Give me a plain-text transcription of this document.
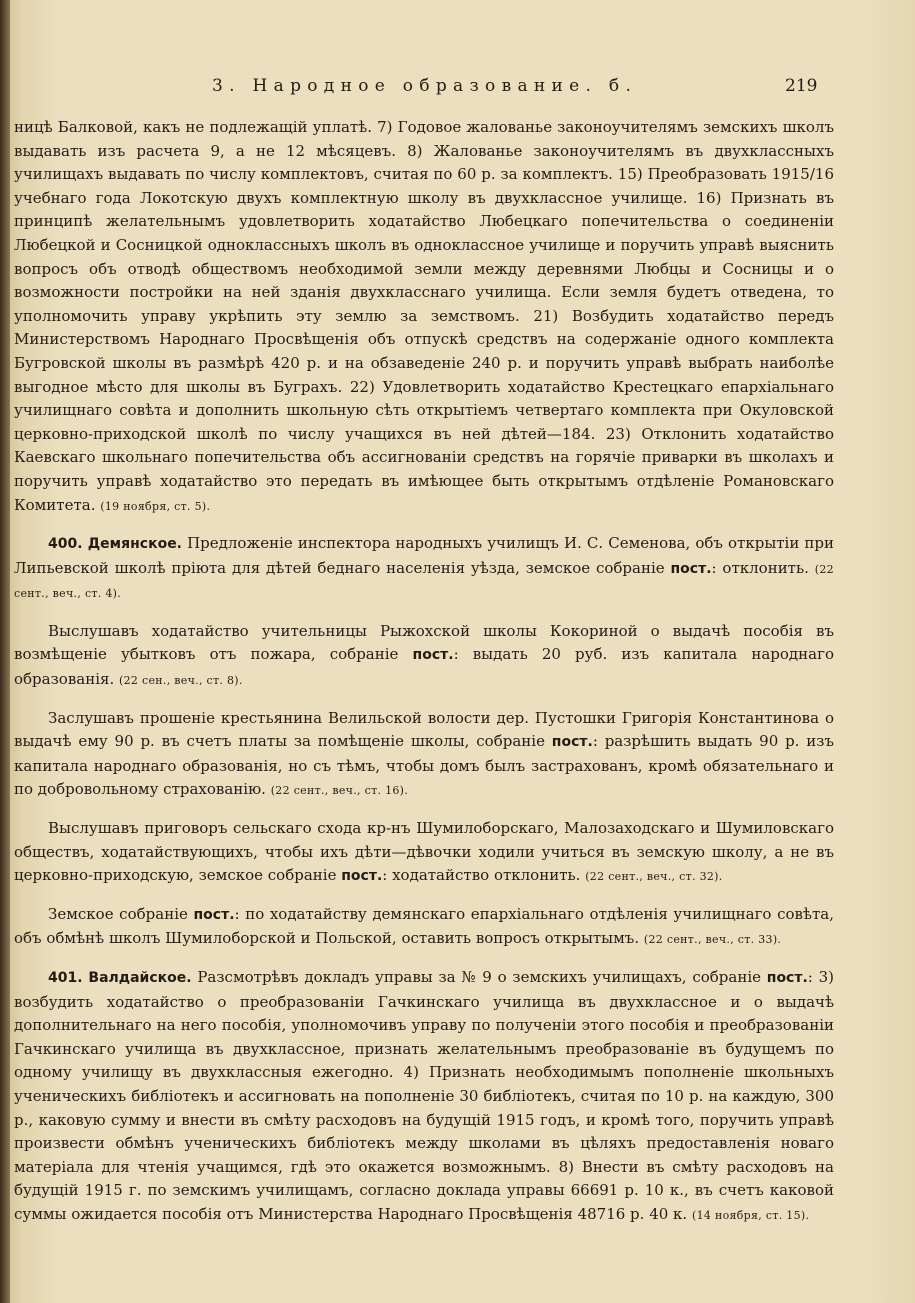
3. Народное образование. б.	219

ницѣ Балковой, какъ не подлежащій уплатѣ. 7) Годовое жалованье законоучителямъ земскихъ школъ выдавать изъ расчета 9, а не 12 мѣсяцевъ. 8) Жалованье законоучителямъ въ двухклассныхъ училищахъ выдавать по числу комплектовъ, считая по 60 р. за комплектъ. 15) Преобразовать 1915/16 учебнаго года Локотскую двухъ комплектную школу въ двухклассное училище. 16) Признать въ принципѣ желательнымъ удовлетворить ходатайство Любецкаго попечительства о соединеніи Любецкой и Сосницкой одноклассныхъ школъ въ одноклассное училище и поручить управѣ выяснить вопросъ объ отводѣ обществомъ необходимой земли между деревнями Любцы и Сосницы и о возможности постройки на ней зданія двухкласснаго училища. Если земля будетъ отведена, то уполномочить управу укрѣпить эту землю за земствомъ. 21) Возбудить ходатайство передъ Министерствомъ Народнаго Просвѣщенія объ отпускѣ средствъ на содержаніе одного комплекта Бугровской школы въ размѣрѣ 420 р. и на обзаведеніе 240 р. и поручить управѣ выбрать наиболѣе выгодное мѣсто для школы въ Буграхъ. 22) Удовлетворить ходатайство Крестецкаго епархіальнаго училищнаго совѣта и дополнить школьную сѣть открытіемъ четвертаго комплекта при Окуловской церковно-приходской школѣ по числу учащихся въ ней дѣтей—184. 23) Отклонить ходатайство Каевскаго школьнаго попечительства объ ассигнованіи средствъ на горячіе приварки въ школахъ и поручить управѣ ходатайство это передать въ имѣющее быть открытымъ отдѣленіе Романовскаго Комитета. (19 ноября, ст. 5).

400. Демянское. Предложеніе инспектора народныхъ училищъ И. С. Семенова, объ открытіи при Липьевской школѣ пріюта для дѣтей беднаго населенія уѣзда, земское собраніе пост.: отклонить. (22 сент., веч., ст. 4).

Выслушавъ ходатайство учительницы Рыжохской школы Кокориной о выдачѣ пособія въ возмѣщеніе убытковъ отъ пожара, собраніе пост.: выдать 20 руб. изъ капитала народнаго образованія. (22 сен., веч., ст. 8).

Заслушавъ прошеніе крестьянина Велильской волости дер. Пустошки Григорія Константинова о выдачѣ ему 90 р. въ счетъ платы за помѣщеніе школы, собраніе пост.: разрѣшить выдать 90 р. изъ капитала народнаго образованія, но съ тѣмъ, чтобы домъ былъ застрахованъ, кромѣ обязательнаго и по добровольному страхованію. (22 сент., веч., ст. 16).

Выслушавъ приговоръ сельскаго схода кр-нъ Шумилоборскаго, Малозаходскаго и Шумиловскаго обществъ, ходатайствующихъ, чтобы ихъ дѣти—дѣвочки ходили учиться въ земскую школу, а не въ церковно-приходскую, земское собраніе пост.: ходатайство отклонить. (22 сент., веч., ст. 32).

Земское собраніе пост.: по ходатайству демянскаго епархіальнаго отдѣленія училищнаго совѣта, объ обмѣнѣ школъ Шумилоборской и Польской, оставить вопросъ открытымъ. (22 сент., веч., ст. 33).

401. Валдайское. Разсмотрѣвъ докладъ управы за № 9 о земскихъ училищахъ, собраніе пост.: 3) возбудить ходатайство о преобразованіи Гачкинскаго училища въ двухклассное и о выдачѣ дополнительнаго на него пособія, уполномочивъ управу по полученіи этого пособія и преобразованіи Гачкинскаго училища въ двухклассное, признать желательнымъ преобразованіе въ будущемъ по одному училищу въ двухклассныя ежегодно. 4) Признать необходимымъ пополненіе школьныхъ ученическихъ библіотекъ и ассигновать на пополненіе 30 библіотекъ, считая по 10 р. на каждую, 300 р., каковую сумму и внести въ смѣту расходовъ на будущій 1915 годъ, и кромѣ того, поручить управѣ произвести обмѣнъ ученическихъ библіотекъ между школами въ цѣляхъ предоставленія новаго матеріала для чтенія учащимся, гдѣ это окажется возможнымъ. 8) Внести въ смѣту расходовъ на будущій 1915 г. по земскимъ училищамъ, согласно доклада управы 66691 р. 10 к., въ счетъ каковой суммы ожидается пособія отъ Министерства Народнаго Просвѣщенія 48716 р. 40 к. (14 ноября, ст. 15).
